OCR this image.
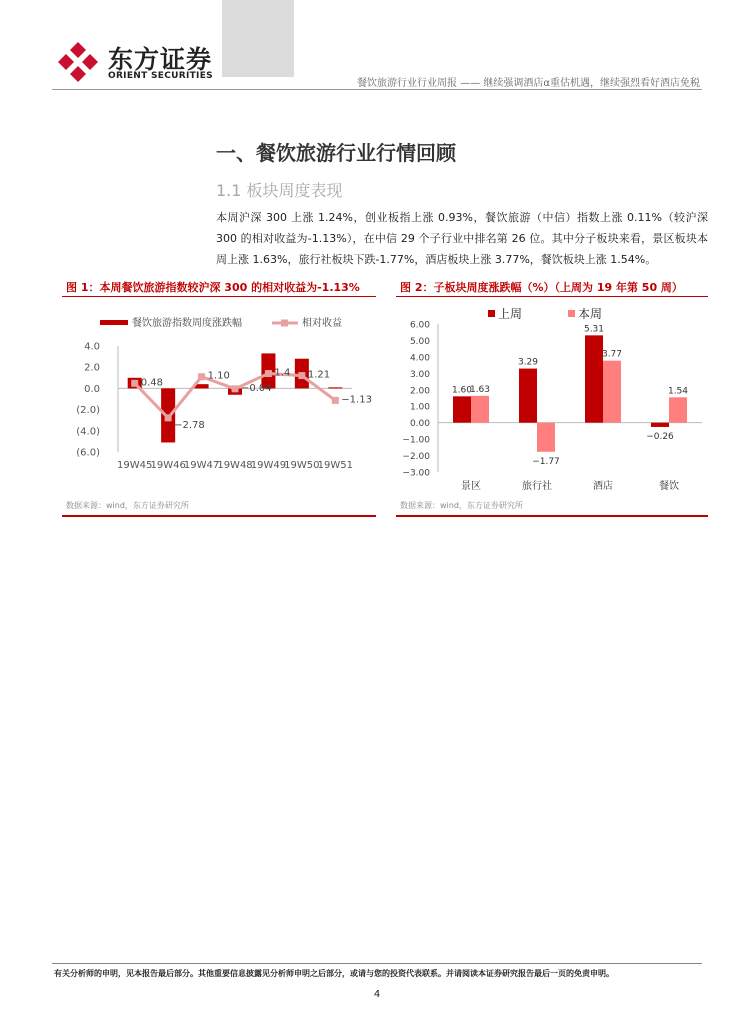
东方证券
ORIENT SECURITIES
餐饮旅游行业行业周报 —— 继续强调酒店α重估机遇，继续强烈看好酒店免税
一、餐饮旅游行业行情回顾
1.1 板块周度表现
本周沪深 300 上涨 1.24%，创业板指上涨 0.93%，餐饮旅游（中信）指数上涨 0.11%（较沪深 300 的相对收益为-1.13%），在中信 29 个子行业中排名第 26 位。其中分子板块来看，景区板块本周上涨 1.63%，旅行社板块下跌-1.77%，酒店板块上涨 3.77%，餐饮板块上涨 1.54%。
图 1：本周餐饮旅游指数较沪深 300 的相对收益为-1.13%	图 2：子板块周度涨跌幅（%）（上周为 19 年第 50 周）
餐饮旅游指数周度涨跌幅	相对收益
4.0
2.0
0.0
(2.0)
(4.0)
(6.0)
0.48
−2.78
1.10
−0.04
1.4 1.21
−1.13
19W45
19W46
19W47
19W48
19W49
19W50
19W51
上周	本周
6.00
5.00
4.00
3.00
2.00
1.00
0.00
−1.00
−2.00
−3.00
1.60
3.29
5.31
−0.26
1.63
−1.77
3.77
1.54
景区	旅行社	酒店	餐饮
数据来源：wind，东方证券研究所	数据来源：wind，东方证券研究所
有关分析师的申明，见本报告最后部分。其他重要信息披露见分析师申明之后部分，或请与您的投资代表联系。并请阅读本证券研究报告最后一页的免责申明。
4
